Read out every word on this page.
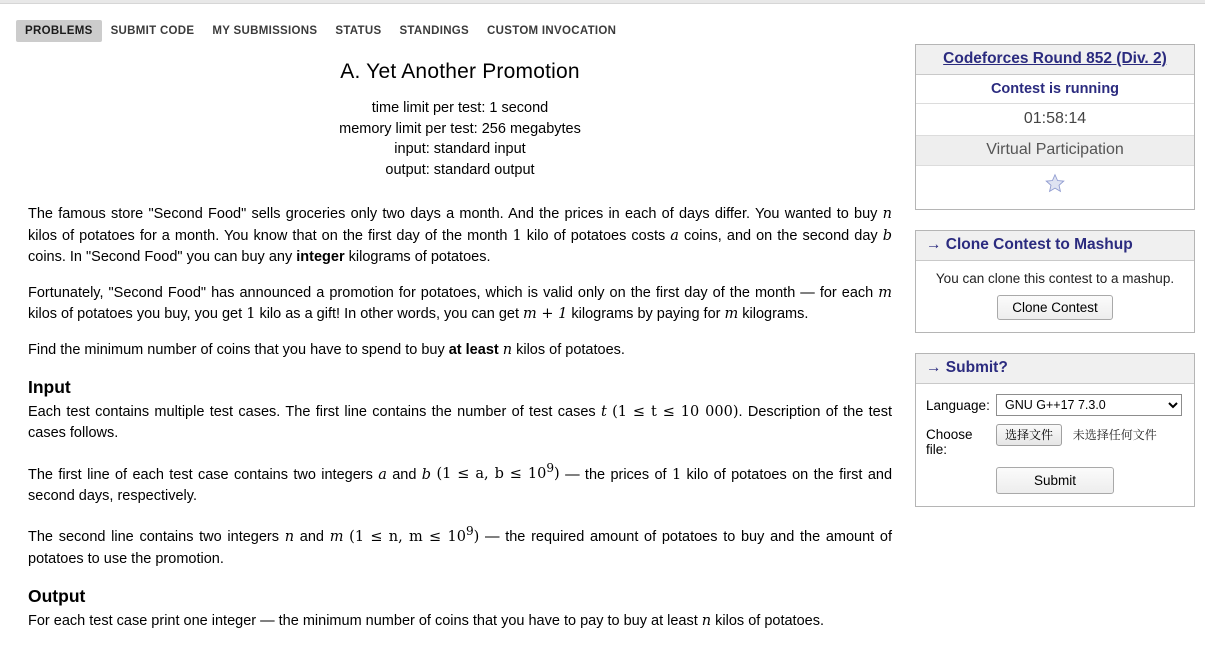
PROBLEMS	SUBMIT CODE	MY SUBMISSIONS	STATUS	STANDINGS	CUSTOM INVOCATION
A. Yet Another Promotion
time limit per test: 1 second
memory limit per test: 256 megabytes
input: standard input
output: standard output

The famous store "Second Food" sells groceries only two days a month. And the prices in each of days differ. You wanted to buy n kilos of potatoes for a month. You know that on the first day of the month 1 kilo of potatoes costs a coins, and on the second day b coins. In "Second Food" you can buy any integer kilograms of potatoes.

Fortunately, "Second Food" has announced a promotion for potatoes, which is valid only on the first day of the month — for each m kilos of potatoes you buy, you get 1 kilo as a gift! In other words, you can get m + 1 kilograms by paying for m kilograms.

Find the minimum number of coins that you have to spend to buy at least n kilos of potatoes.

Input

Each test contains multiple test cases. The first line contains the number of test cases t (1 ≤ t ≤ 10 000). Description of the test cases follows.

The first line of each test case contains two integers a and b (1 ≤ a, $b \le 10^9$) — the prices of 1 kilo of potatoes on the first and second days, respectively.

The second line contains two integers n and m (1 ≤ n, $m \le 10^9$) — the required amount of potatoes to buy and the amount of potatoes to use the promotion.

Output

For each test case print one integer — the minimum number of coins that you have to pay to buy at least n kilos of potatoes.

Codeforces Round 852 (Div. 2)
Contest is running
01:58:14
Virtual Participation
→ Clone Contest to Mashup
You can clone this contest to a mashup.
Clone Contest
→ Submit?
Language:
GNU G++17 7.3.0
Choose file:
选择文件 未选择任何文件
Submit
